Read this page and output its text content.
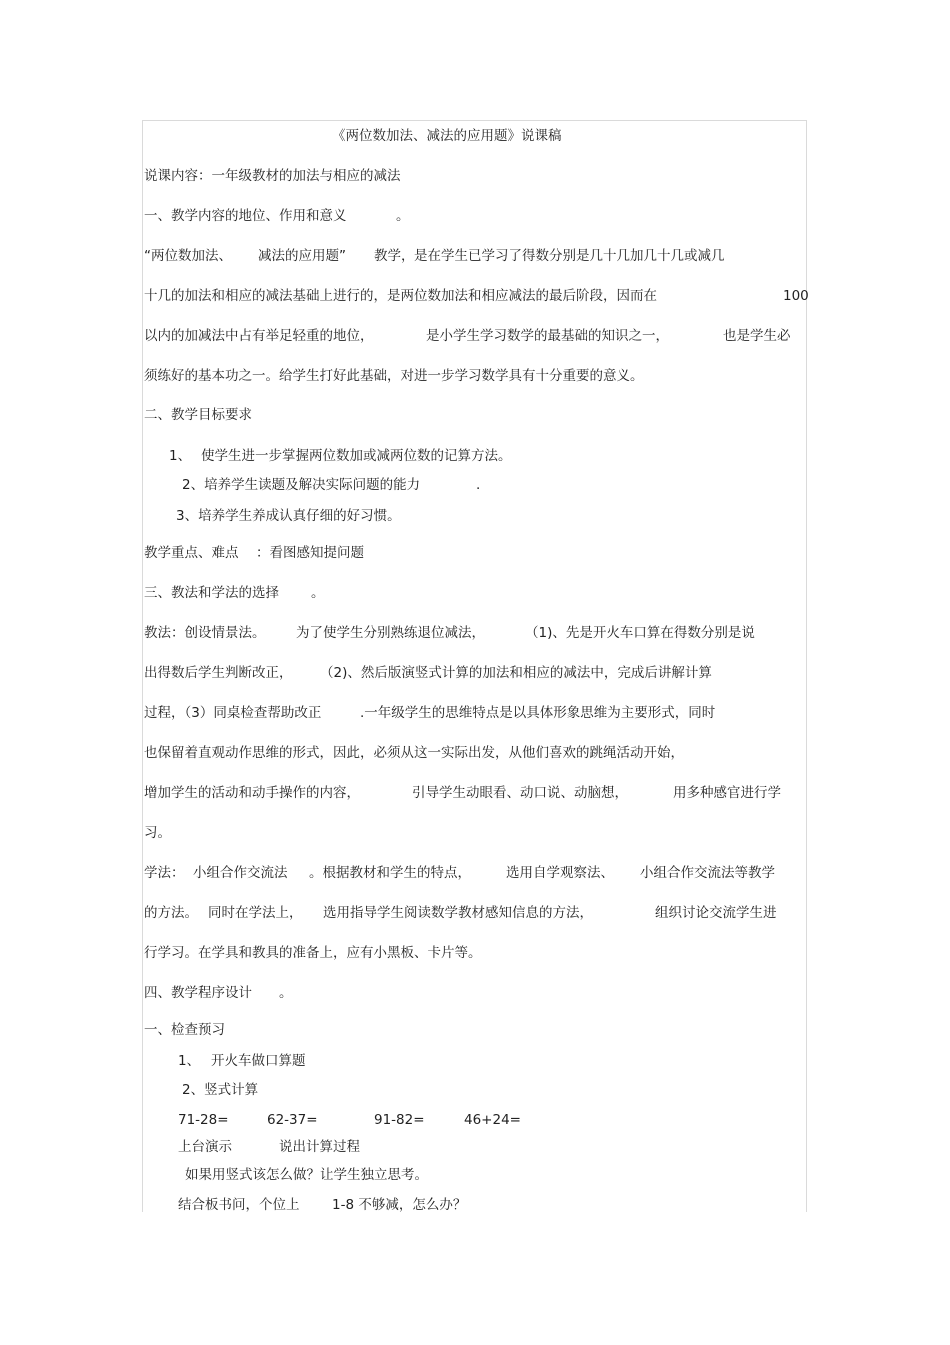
《两位数加法、减法的应用题》说课稿
说课内容：一年级教材的加法与相应的减法
一、教学内容的地位、作用和意义	。
“两位数加法、 减法的应用题” 教学， 是在学生已学习了得数分别是几十几加几十几或减几
十几的加法和相应的减法基础上进行的，是两位数加法和相应减法的最后阶段，因而在	100
以内的加减法中占有举足轻重的地位，	是小学生学习数学的最基础的知识之一，	也是学生必
须练好的基本功之一。给学生打好此基础，对进一步学习数学具有十分重要的意义。
二、教学目标要求
1、 使学生进一步掌握两位数加或减两位数的记算方法。
2、培养学生读题及解决实际问题的能力	.
3、培养学生养成认真仔细的好习惯。
教学重点、难点 ：看图感知提问题
三、教法和学法的选择 。
教法：创设情景法。 为了使学生分别熟练退位减法，	（1)、先是开火车口算在得数分别是说
出得数后学生判断改正， （2)、然后版演竖式计算的加法和相应的减法中，完成后讲解计算
过程，（3）同桌检查帮助改正	.一年级学生的思维特点是以具体形象思维为主要形式，同时
也保留着直观动作思维的形式，因此，必须从这一实际出发，从他们喜欢的跳绳活动开始，
增加学生的活动和动手操作的内容，	引导学生动眼看、动口说、动脑想，	用多种感官进行学
习。
学法： 小组合作交流法 。根据教材和学生的特点，	选用自学观察法、 小组合作交流法等教学
的方法。 同时在学法上， 选用指导学生阅读数学教材感知信息的方法，	组织讨论交流学生进
行学习。在学具和教具的准备上，应有小黑板、卡片等。
四、教学程序设计 。
一、检查预习
1、 开火车做口算题
2、竖式计算
71-28=	62-37=	91-82=	46+24=
上台演示	说出计算过程
如果用竖式该怎么做？让学生独立思考。
结合板书问，个位上 1-8 不够减，怎么办？
